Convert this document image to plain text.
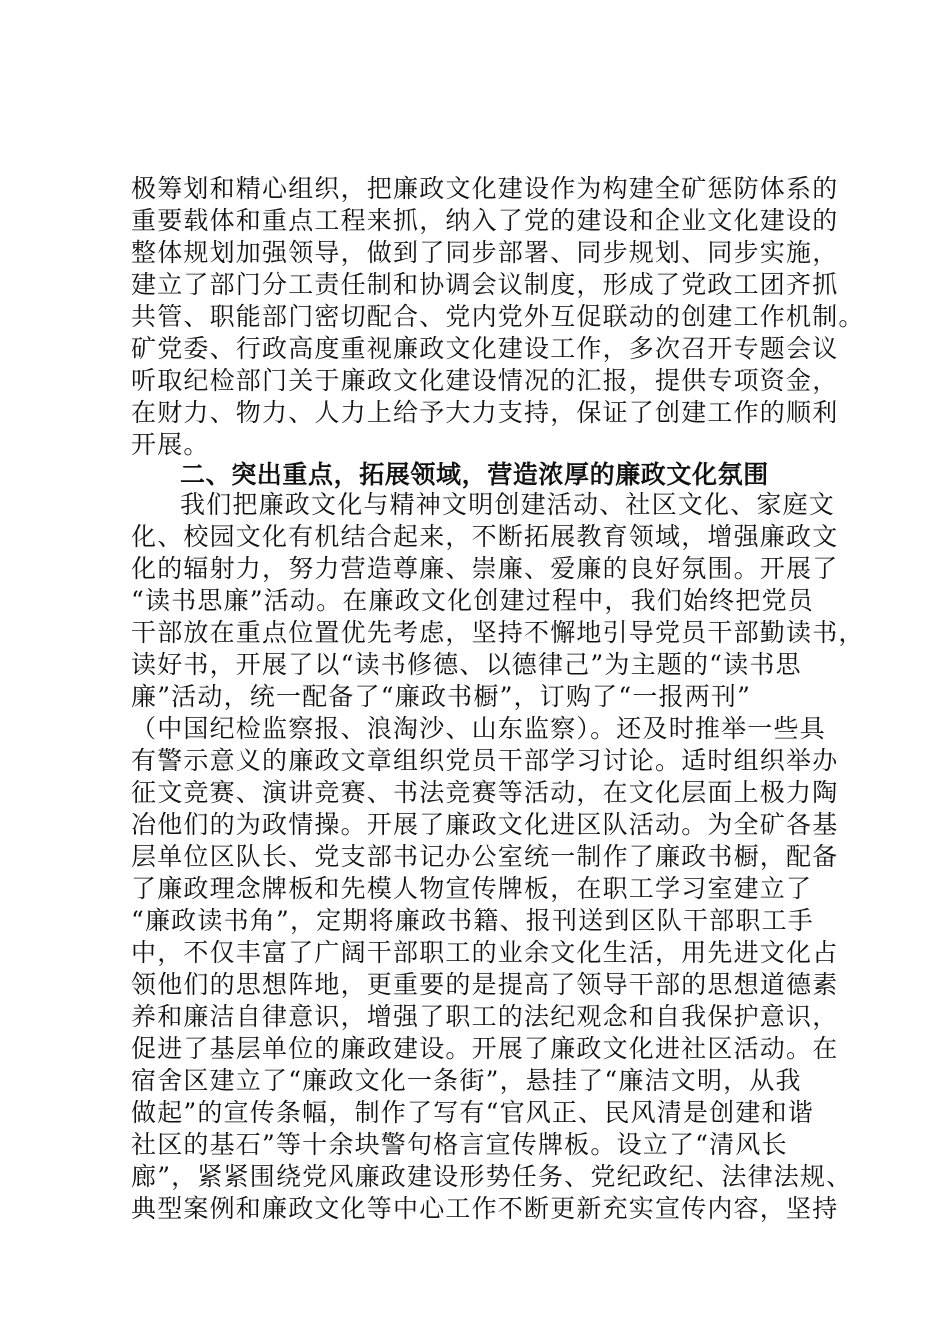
极筹划和精心组织，把廉政文化建设作为构建全矿惩防体系的
重要载体和重点工程来抓，纳入了党的建设和企业文化建设的
整体规划加强领导，做到了同步部署、同步规划、同步实施，
建立了部门分工责任制和协调会议制度，形成了党政工团齐抓
共管、职能部门密切配合、党内党外互促联动的创建工作机制。
矿党委、行政高度重视廉政文化建设工作，多次召开专题会议
听取纪检部门关于廉政文化建设情况的汇报，提供专项资金，
在财力、物力、人力上给予大力支持，保证了创建工作的顺利
开展。
二、突出重点，拓展领域，营造浓厚的廉政文化氛围
我们把廉政文化与精神文明创建活动、社区文化、家庭文
化、校园文化有机结合起来，不断拓展教育领域，增强廉政文
化的辐射力，努力营造尊廉、崇廉、爱廉的良好氛围。开展了
“读书思廉”活动。在廉政文化创建过程中，我们始终把党员
干部放在重点位置优先考虑，坚持不懈地引导党员干部勤读书，
读好书，开展了以“读书修德、以德律己”为主题的“读书思
廉”活动，统一配备了“廉政书橱”，订购了“一报两刊”
（中国纪检监察报、浪淘沙、山东监察）。还及时推举一些具
有警示意义的廉政文章组织党员干部学习讨论。适时组织举办
征文竞赛、演讲竞赛、书法竞赛等活动，在文化层面上极力陶
冶他们的为政情操。开展了廉政文化进区队活动。为全矿各基
层单位区队长、党支部书记办公室统一制作了廉政书橱，配备
了廉政理念牌板和先模人物宣传牌板，在职工学习室建立了
“廉政读书角”，定期将廉政书籍、报刊送到区队干部职工手
中，不仅丰富了广阔干部职工的业余文化生活，用先进文化占
领他们的思想阵地，更重要的是提高了领导干部的思想道德素
养和廉洁自律意识，增强了职工的法纪观念和自我保护意识，
促进了基层单位的廉政建设。开展了廉政文化进社区活动。在
宿舍区建立了“廉政文化一条街”，悬挂了“廉洁文明，从我
做起”的宣传条幅，制作了写有“官风正、民风清是创建和谐
社区的基石”等十余块警句格言宣传牌板。设立了“清风长
廊”，紧紧围绕党风廉政建设形势任务、党纪政纪、法律法规、
典型案例和廉政文化等中心工作不断更新充实宣传内容，坚持
